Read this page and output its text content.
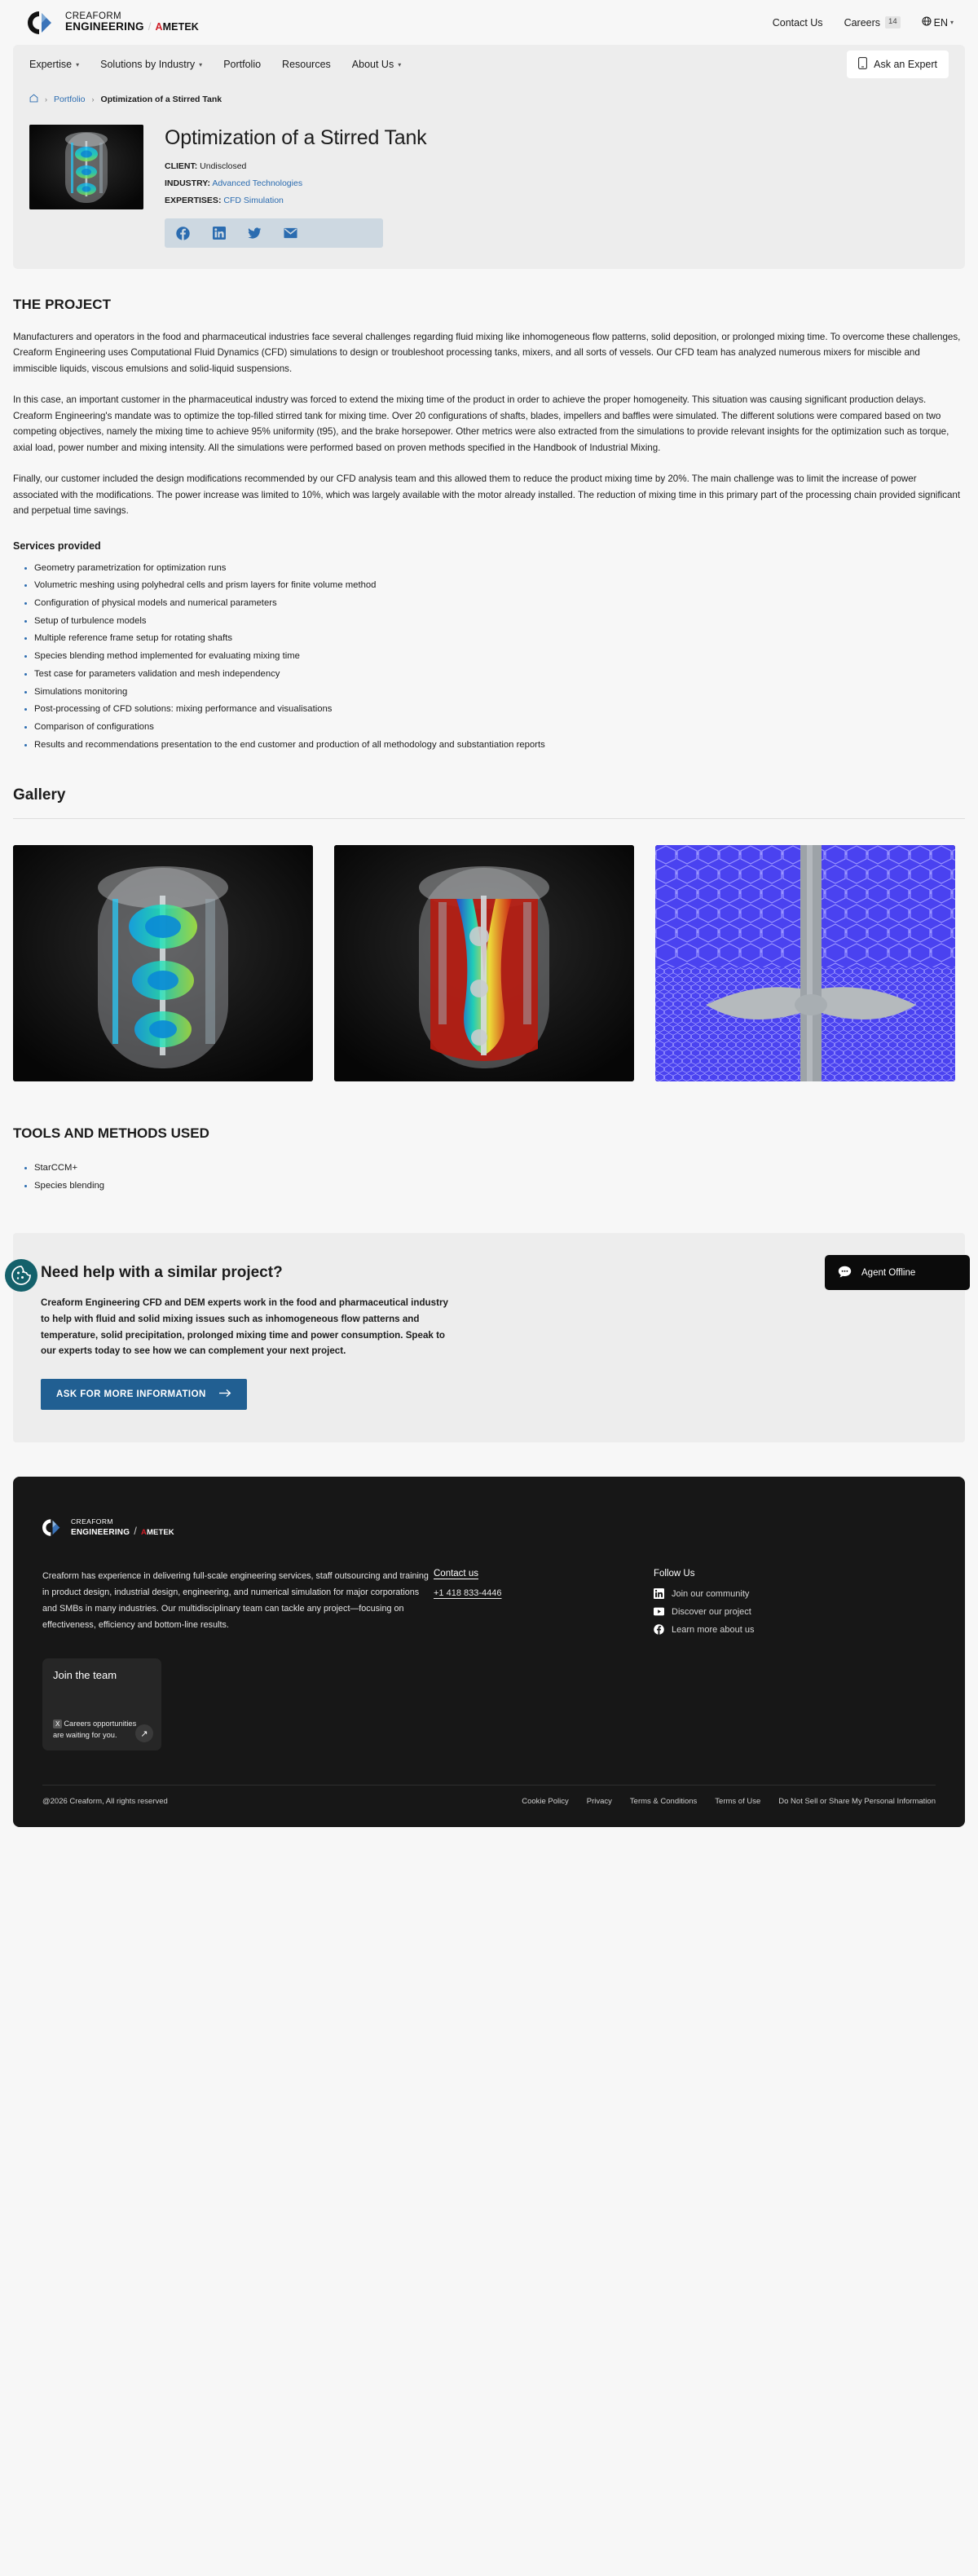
CREAFORM
ENGINEERING / AMETEK	Contact Us Careers	14	EN ▾
Expertise ▾ Solutions by Industry ▾ Portfolio Resources About Us ▾	Ask an Expert
› Portfolio › Optimization of a Stirred Tank
Optimization of a Stirred Tank
CLIENT: Undisclosed
INDUSTRY: Advanced Technologies
EXPERTISES: CFD Simulation
THE PROJECT

Manufacturers and operators in the food and pharmaceutical industries face several challenges regarding fluid mixing like inhomogeneous flow patterns, solid deposition, or prolonged mixing time. To overcome these challenges, Creaform Engineering uses Computational Fluid Dynamics (CFD) simulations to design or troubleshoot processing tanks, mixers, and all sorts of vessels. Our CFD team has analyzed numerous mixers for miscible and immiscible liquids, viscous emulsions and solid-liquid suspensions.

In this case, an important customer in the pharmaceutical industry was forced to extend the mixing time of the product in order to achieve the proper homogeneity. This situation was causing significant production delays. Creaform Engineering's mandate was to optimize the top-filled stirred tank for mixing time. Over 20 configurations of shafts, blades, impellers and baffles were simulated. The different solutions were compared based on two competing objectives, namely the mixing time to achieve 95% uniformity (t95), and the brake horsepower. Other metrics were also extracted from the simulations to provide relevant insights for the optimization such as torque, axial load, power number and mixing intensity. All the simulations were performed based on proven methods specified in the Handbook of Industrial Mixing.

Finally, our customer included the design modifications recommended by our CFD analysis team and this allowed them to reduce the product mixing time by 20%. The main challenge was to limit the increase of power associated with the modifications. The power increase was limited to 10%, which was largely available with the motor already installed. The reduction of mixing time in this primary part of the processing chain provided significant and perpetual time savings.

Services provided
Geometry parametrization for optimization runs
Volumetric meshing using polyhedral cells and prism layers for finite volume method
Configuration of physical models and numerical parameters
Setup of turbulence models
Multiple reference frame setup for rotating shafts
Species blending method implemented for evaluating mixing time
Test case for parameters validation and mesh independency
Simulations monitoring
Post-processing of CFD solutions: mixing performance and visualisations
Comparison of configurations
Results and recommendations presentation to the end customer and production of all methodology and substantiation reports
Gallery
TOOLS AND METHODS USED
StarCCM+
Species blending
Need help with a similar project?

Creaform Engineering CFD and DEM experts work in the food and pharmaceutical industry to help with fluid and solid mixing issues such as inhomogeneous flow patterns and temperature, solid precipitation, prolonged mixing time and power consumption. Speak to our experts today to see how we can complement your next project.

ASK FOR MORE INFORMATION
CREAFORM
ENGINEERING / AMETEK

Creaform has experience in delivering full-scale engineering services, staff outsourcing and training in product design, industrial design, engineering, and numerical simulation for major corporations and SMBs in many industries. Our multidisciplinary team can tackle any project—focusing on effectiveness, efficiency and bottom-line results.

Join the team
X Careers opportunities are waiting for you.	↗
Contact us
+1 418 833-4446
Follow Us
Join our community
Discover our project
Learn more about us
@2026 Creaform, All rights reserved	Cookie Policy Privacy Terms & Conditions Terms of Use Do Not Sell or Share My Personal Information
Agent Offline
